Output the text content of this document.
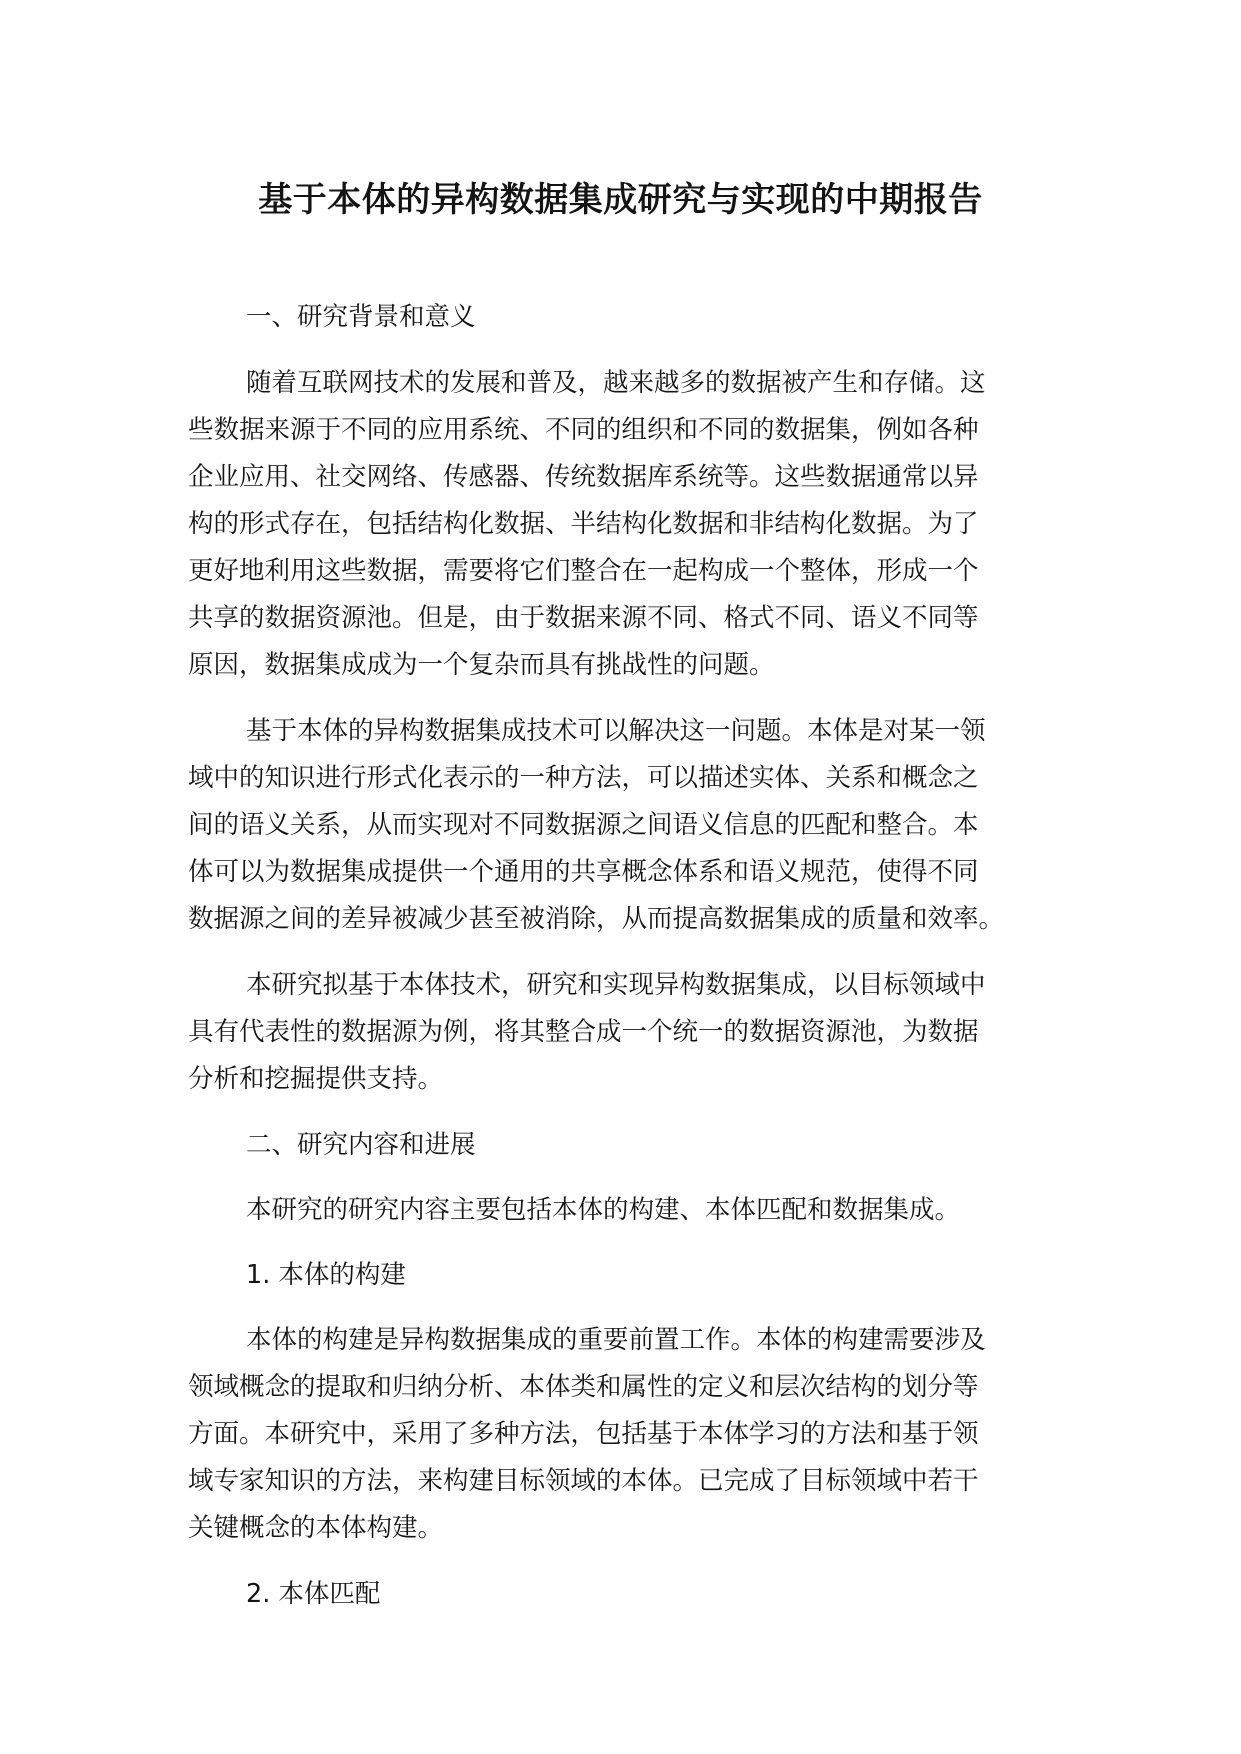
基于本体的异构数据集成研究与实现的中期报告
一、研究背景和意义
随着互联网技术的发展和普及，越来越多的数据被产生和存储。这
些数据来源于不同的应用系统、不同的组织和不同的数据集，例如各种
企业应用、社交网络、传感器、传统数据库系统等。这些数据通常以异
构的形式存在，包括结构化数据、半结构化数据和非结构化数据。为了
更好地利用这些数据，需要将它们整合在一起构成一个整体，形成一个
共享的数据资源池。但是，由于数据来源不同、格式不同、语义不同等
原因，数据集成成为一个复杂而具有挑战性的问题。
基于本体的异构数据集成技术可以解决这一问题。本体是对某一领
域中的知识进行形式化表示的一种方法，可以描述实体、关系和概念之
间的语义关系，从而实现对不同数据源之间语义信息的匹配和整合。本
体可以为数据集成提供一个通用的共享概念体系和语义规范，使得不同
数据源之间的差异被减少甚至被消除，从而提高数据集成的质量和效率。
本研究拟基于本体技术，研究和实现异构数据集成，以目标领域中
具有代表性的数据源为例，将其整合成一个统一的数据资源池，为数据
分析和挖掘提供支持。
二、研究内容和进展
本研究的研究内容主要包括本体的构建、本体匹配和数据集成。
1. 本体的构建
本体的构建是异构数据集成的重要前置工作。本体的构建需要涉及
领域概念的提取和归纳分析、本体类和属性的定义和层次结构的划分等
方面。本研究中，采用了多种方法，包括基于本体学习的方法和基于领
域专家知识的方法，来构建目标领域的本体。已完成了目标领域中若干
关键概念的本体构建。
2. 本体匹配
